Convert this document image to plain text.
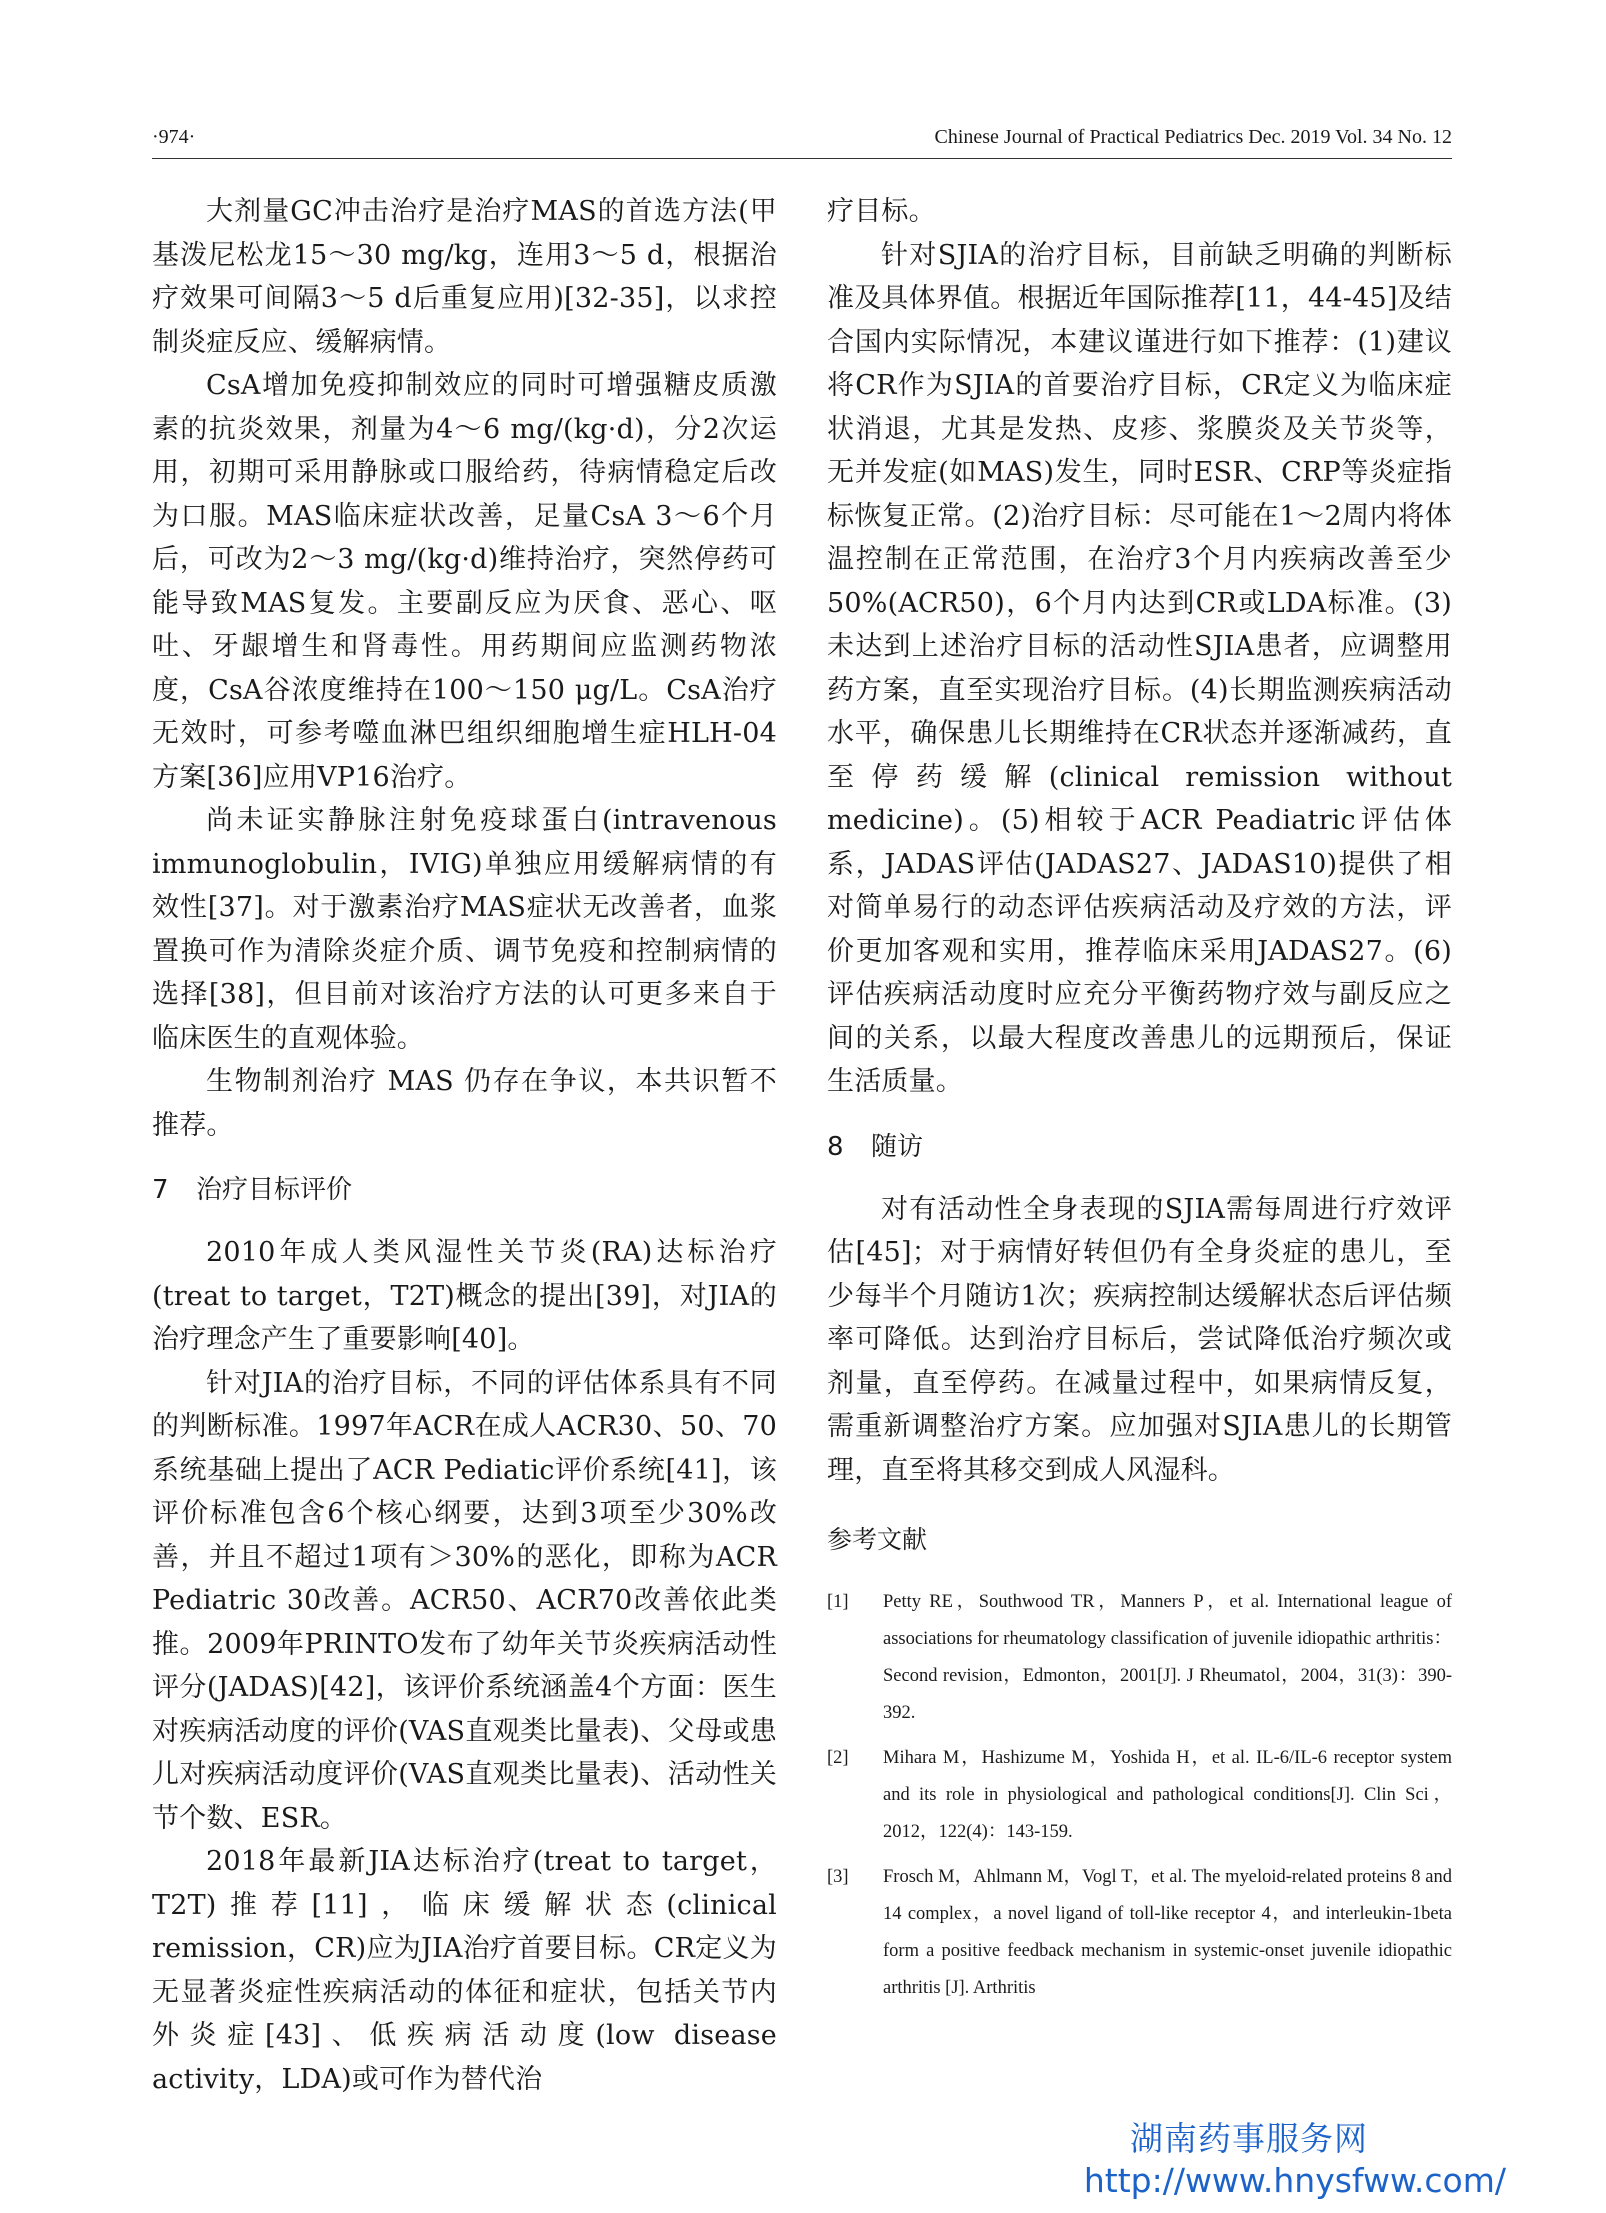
·974·	Chinese Journal of Practical Pediatrics Dec. 2019 Vol. 34 No. 12

大剂量GC冲击治疗是治疗MAS的首选方法(甲基泼尼松龙15～30 mg/kg，连用3～5 d，根据治疗效果可间隔3～5 d后重复应用)[32-35]，以求控制炎症反应、缓解病情。

CsA增加免疫抑制效应的同时可增强糖皮质激素的抗炎效果，剂量为4～6 mg/(kg·d)，分2次运用，初期可采用静脉或口服给药，待病情稳定后改为口服。MAS临床症状改善，足量CsA 3～6个月后，可改为2～3 mg/(kg·d)维持治疗，突然停药可能导致MAS复发。主要副反应为厌食、恶心、呕吐、牙龈增生和肾毒性。用药期间应监测药物浓度，CsA谷浓度维持在100～150 μg/L。CsA治疗无效时，可参考噬血淋巴组织细胞增生症HLH-04方案[36]应用VP16治疗。

尚未证实静脉注射免疫球蛋白(intravenous immunoglobulin，IVIG)单独应用缓解病情的有效性[37]。对于激素治疗MAS症状无改善者，血浆置换可作为清除炎症介质、调节免疫和控制病情的选择[38]，但目前对该治疗方法的认可更多来自于临床医生的直观体验。

生物制剂治疗 MAS 仍存在争议，本共识暂不推荐。

7 治疗目标评价

2010年成人类风湿性关节炎(RA)达标治疗(treat to target，T2T)概念的提出[39]，对JIA的治疗理念产生了重要影响[40]。

针对JIA的治疗目标，不同的评估体系具有不同的判断标准。1997年ACR在成人ACR30、50、70系统基础上提出了ACR Pediatic评价系统[41]，该评价标准包含6个核心纲要，达到3项至少30%改善，并且不超过1项有＞30%的恶化，即称为ACR Pediatric 30改善。ACR50、ACR70改善依此类推。2009年PRINTO发布了幼年关节炎疾病活动性评分(JADAS)[42]，该评价系统涵盖4个方面：医生对疾病活动度的评价(VAS直观类比量表)、父母或患儿对疾病活动度评价(VAS直观类比量表)、活动性关节个数、ESR。

2018年最新JIA达标治疗(treat to target，T2T)推荐[11]，临床缓解状态(clinical remission，CR)应为JIA治疗首要目标。CR定义为无显著炎症性疾病活动的体征和症状，包括关节内外炎症[43]、低疾病活动度(low disease activity，LDA)或可作为替代治

疗目标。

针对SJIA的治疗目标，目前缺乏明确的判断标准及具体界值。根据近年国际推荐[11，44-45]及结合国内实际情况，本建议谨进行如下推荐：(1)建议将CR作为SJIA的首要治疗目标，CR定义为临床症状消退，尤其是发热、皮疹、浆膜炎及关节炎等，无并发症(如MAS)发生，同时ESR、CRP等炎症指标恢复正常。(2)治疗目标：尽可能在1～2周内将体温控制在正常范围，在治疗3个月内疾病改善至少50%(ACR50)，6个月内达到CR或LDA标准。(3)未达到上述治疗目标的活动性SJIA患者，应调整用药方案，直至实现治疗目标。(4)长期监测疾病活动水平，确保患儿长期维持在CR状态并逐渐减药，直至停药缓解(clinical remission without medicine)。(5)相较于ACR Peadiatric评估体系，JADAS评估(JADAS27、JADAS10)提供了相对简单易行的动态评估疾病活动及疗效的方法，评价更加客观和实用，推荐临床采用JADAS27。(6)评估疾病活动度时应充分平衡药物疗效与副反应之间的关系，以最大程度改善患儿的远期预后，保证生活质量。

8 随访

对有活动性全身表现的SJIA需每周进行疗效评估[45]；对于病情好转但仍有全身炎症的患儿，至少每半个月随访1次；疾病控制达缓解状态后评估频率可降低。达到治疗目标后，尝试降低治疗频次或剂量，直至停药。在减量过程中，如果病情反复，需重新调整治疗方案。应加强对SJIA患儿的长期管理，直至将其移交到成人风湿科。

参考文献
[1] Petty RE，Southwood TR，Manners P，et al. International league of associations for rheumatology classification of juvenile idiopathic arthritis：Second revision，Edmonton，2001[J]. J Rheumatol，2004，31(3)：390-392.
[2] Mihara M，Hashizume M，Yoshida H，et al. IL-6/IL-6 receptor system and its role in physiological and pathological conditions[J]. Clin Sci，2012，122(4)：143-159.
[3] Frosch M，Ahlmann M，Vogl T，et al. The myeloid-related proteins 8 and 14 complex，a novel ligand of toll-like receptor 4，and interleukin-1beta form a positive feedback mechanism in systemic-onset juvenile idiopathic arthritis [J]. Arthritis
湖南药事服务网
http://www.hnysfww.com/
